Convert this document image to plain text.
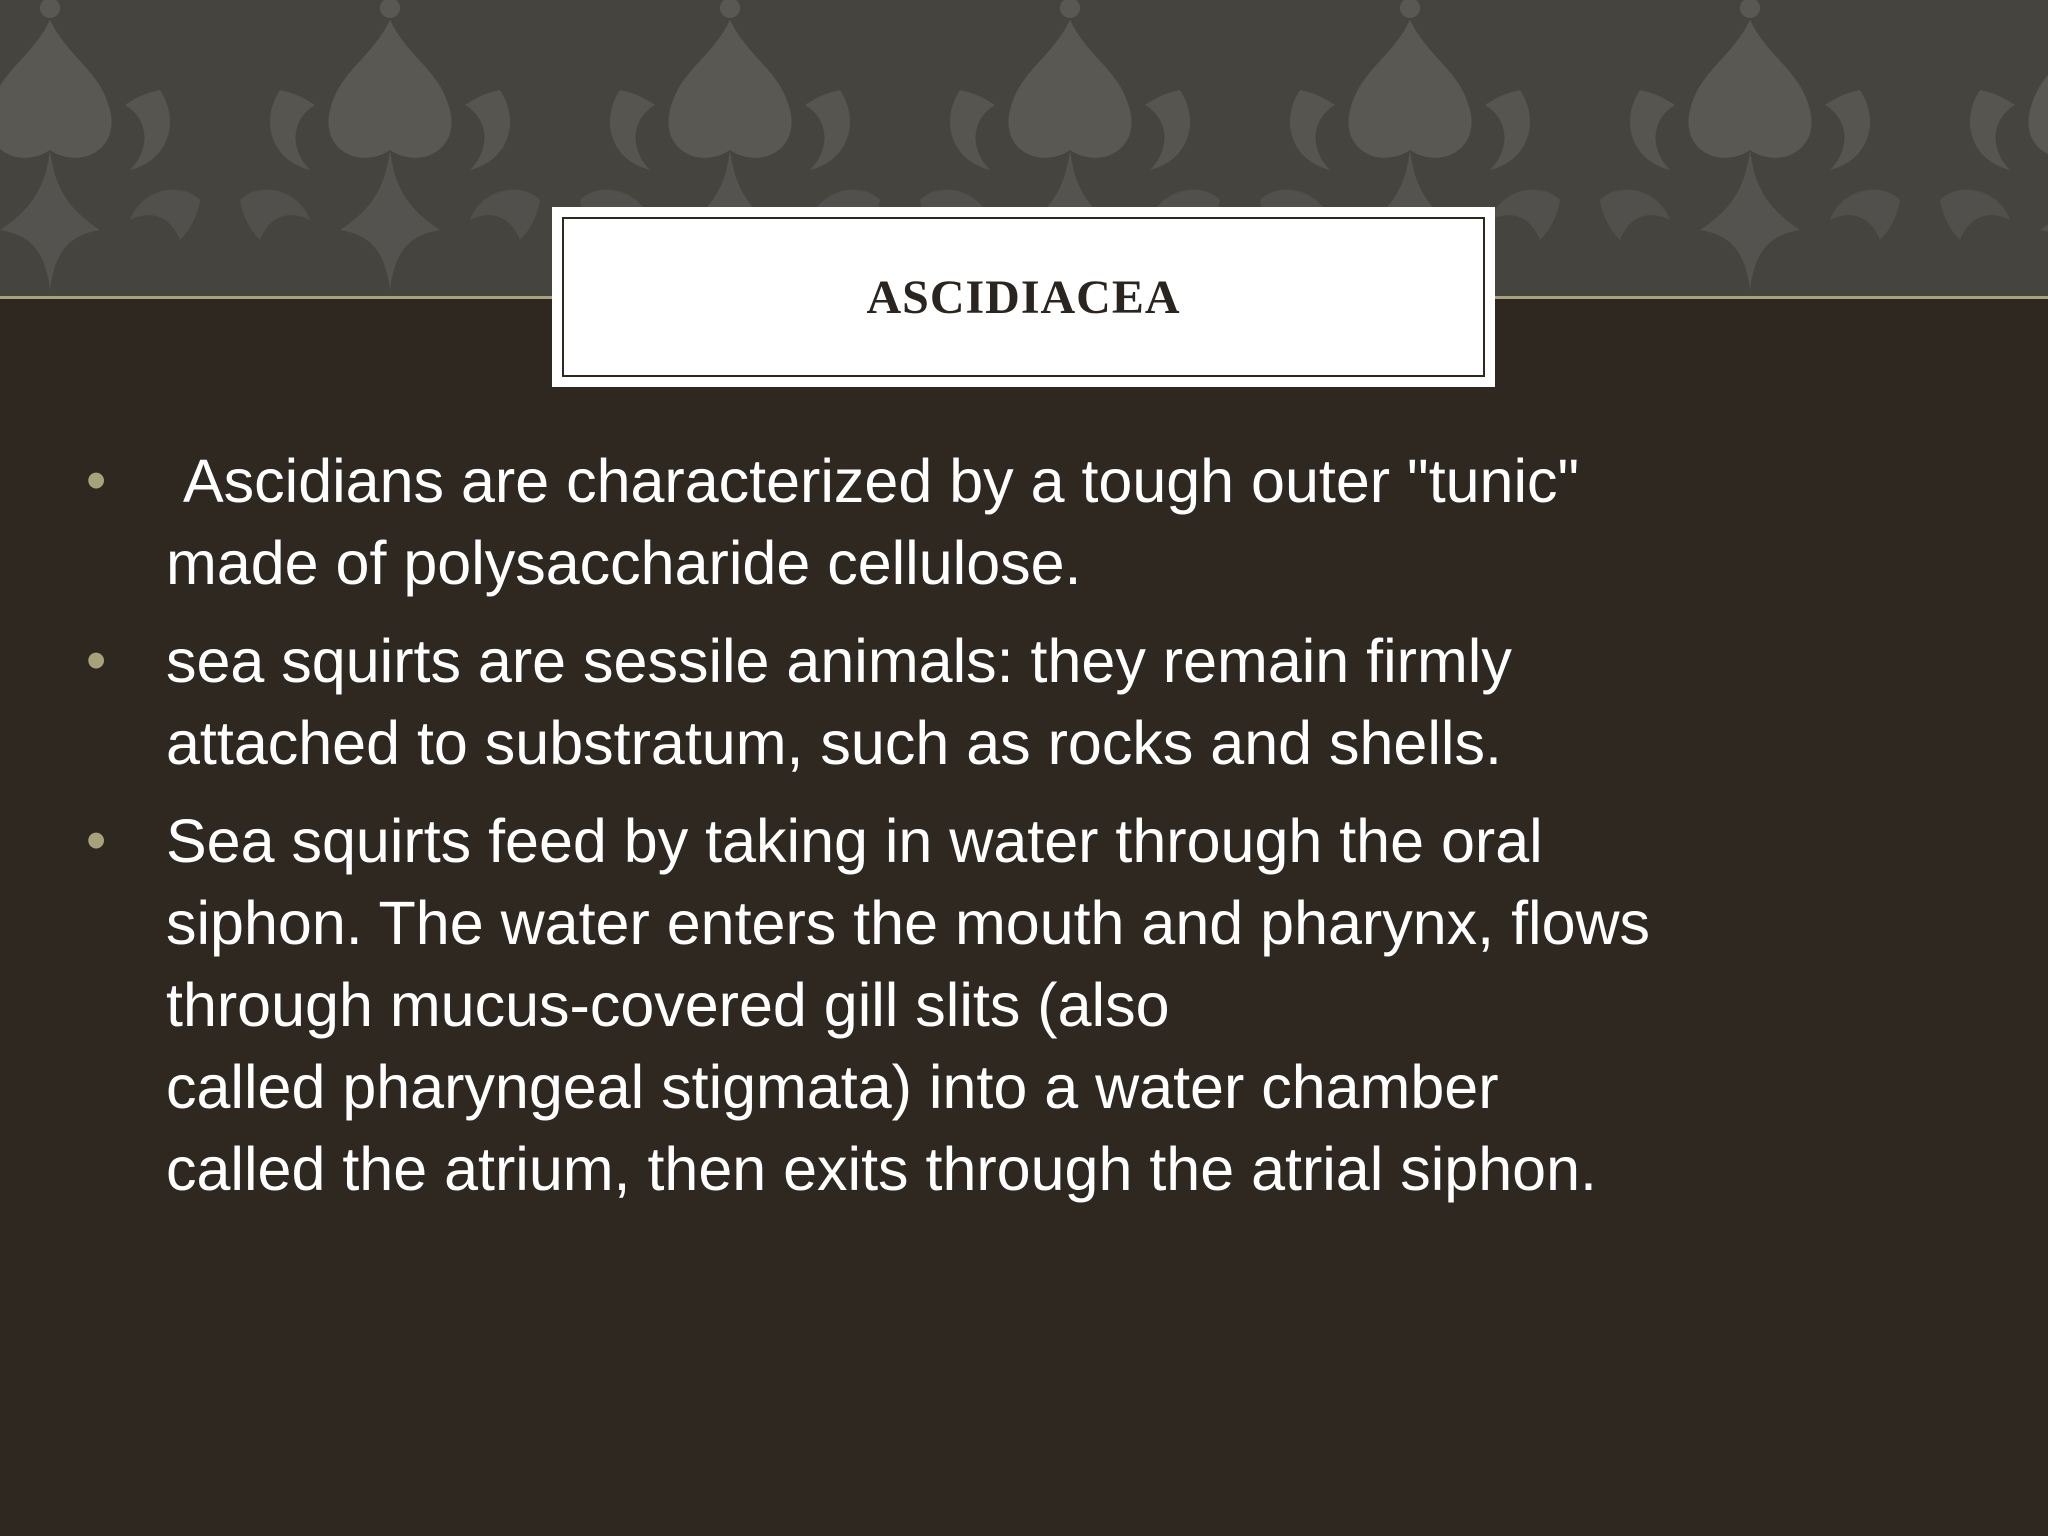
ASCIDIACEA
• Ascidians are characterized by a tough outer "tunic"
made of polysaccharide cellulose.
• sea squirts are sessile animals: they remain firmly
attached to substratum, such as rocks and shells.
• Sea squirts feed by taking in water through the oral
siphon. The water enters the mouth and pharynx, flows
through mucus-covered gill slits (also
called pharyngeal stigmata) into a water chamber
called the atrium, then exits through the atrial siphon.
